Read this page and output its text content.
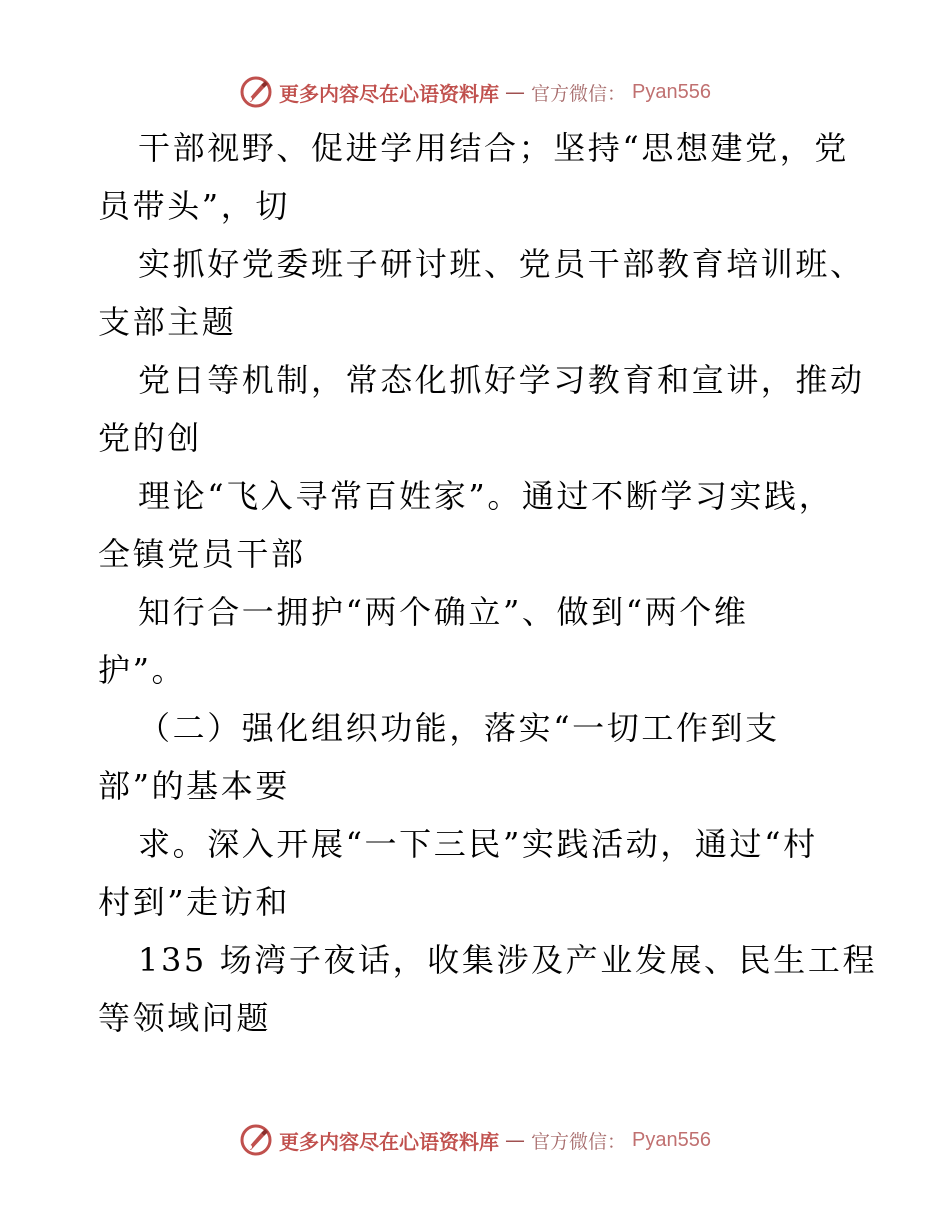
更多内容尽在心语资料库 — 官方微信： Pyan556
干部视野、促进学用结合；坚持“思想建党，党
员带头”，切
实抓好党委班子研讨班、党员干部教育培训班、
支部主题
党日等机制，常态化抓好学习教育和宣讲，推动
党的创
理论“飞入寻常百姓家”。通过不断学习实践，
全镇党员干部
知行合一拥护“两个确立”、做到“两个维
护”。
（二）强化组织功能，落实“一切工作到支
部”的基本要
求。深入开展“一下三民”实践活动，通过“村
村到”走访和
135 场湾子夜话，收集涉及产业发展、民生工程
等领域问题
更多内容尽在心语资料库 — 官方微信： Pyan556
